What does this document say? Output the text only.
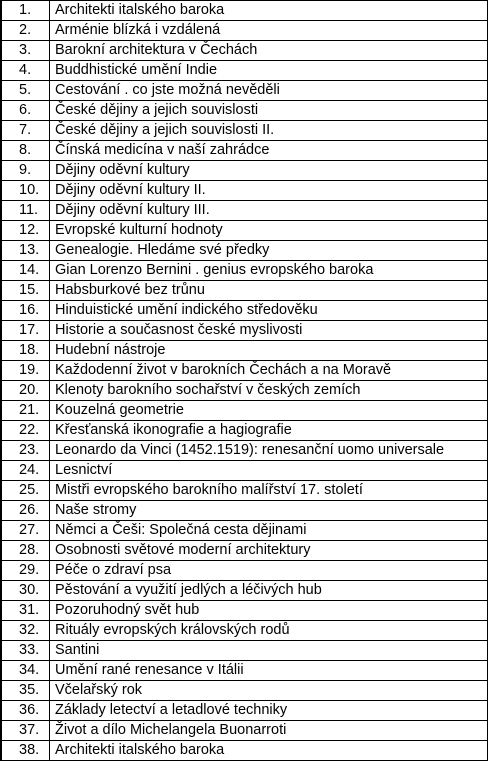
1.	Architekti italského baroka
2.	Arménie blízká i vzdálená
3.	Barokní architektura v Čechách
4.	Buddhistické umění Indie
5.	Cestování . co jste možná nevěděli
6.	České dějiny a jejich souvislosti
7.	České dějiny a jejich souvislosti II.
8.	Čínská medicína v naší zahrádce
9.	Dějiny oděvní kultury
10.	Dějiny oděvní kultury II.
11.	Dějiny oděvní kultury III.
12.	Evropské kulturní hodnoty
13.	Genealogie. Hledáme své předky
14.	Gian Lorenzo Bernini . genius evropského baroka
15.	Habsburkové bez trůnu
16.	Hinduistické umění indického středověku
17.	Historie a současnost české myslivosti
18.	Hudební nástroje
19.	Každodenní život v barokních Čechách a na Moravě
20.	Klenoty barokního sochařství v českých zemích
21.	Kouzelná geometrie
22.	Křesťanská ikonografie a hagiografie
23.	Leonardo da Vinci (1452.1519): renesanční uomo universale
24.	Lesnictví
25.	Mistři evropského barokního malířství 17. století
26.	Naše stromy
27.	Němci a Češi: Společná cesta dějinami
28.	Osobnosti světové moderní architektury
29.	Péče o zdraví psa
30.	Pěstování a využití jedlých a léčivých hub
31.	Pozoruhodný svět hub
32.	Rituály evropských královských rodů
33.	Santini
34.	Umění rané renesance v Itálii
35.	Včelařský rok
36.	Základy letectví a letadlové techniky
37.	Život a dílo Michelangela Buonarroti
38.	Architekti italského baroka
